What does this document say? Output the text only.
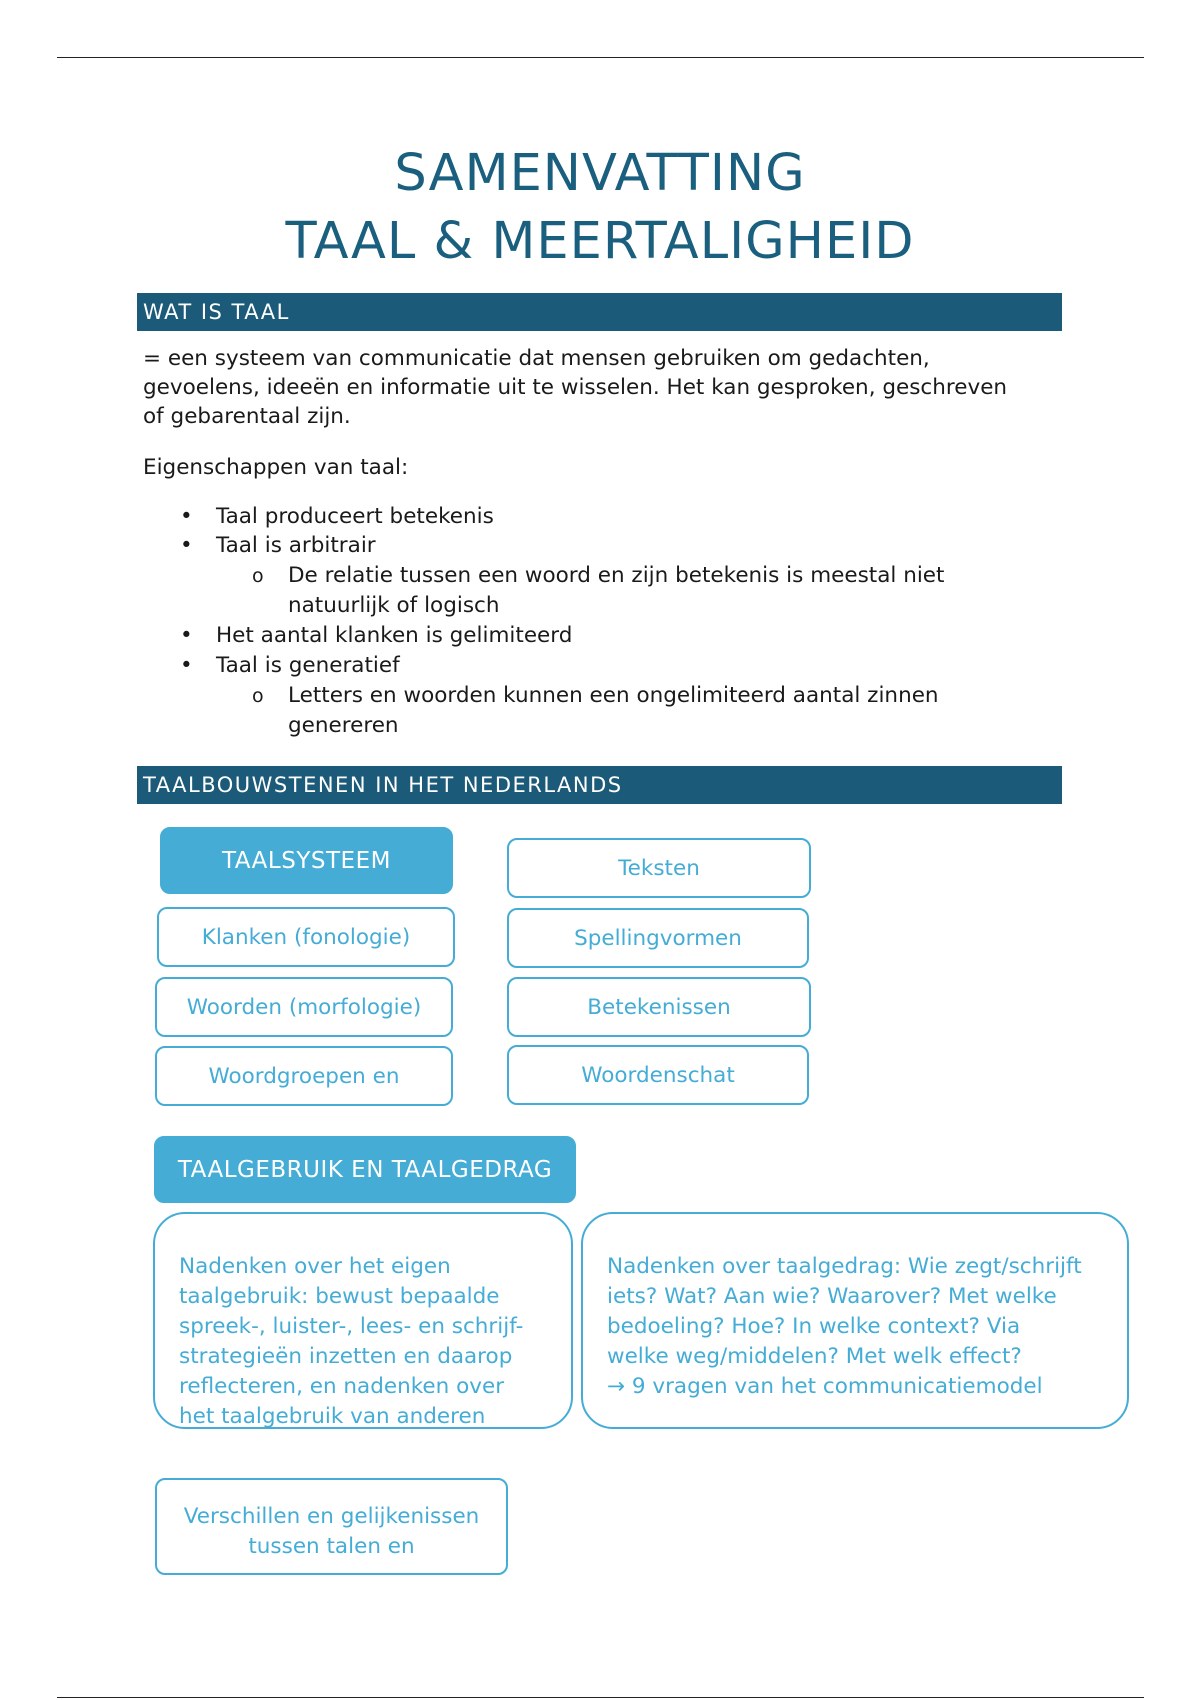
SAMENVATTING
TAAL & MEERTALIGHEID
WAT IS TAAL
= een systeem van communicatie dat mensen gebruiken om gedachten,
gevoelens, ideeën en informatie uit te wisselen. Het kan gesproken, geschreven
of gebarentaal zijn.
Eigenschappen van taal:
• Taal produceert betekenis
• Taal is arbitrair
o De relatie tussen een woord en zijn betekenis is meestal niet
natuurlijk of logisch
• Het aantal klanken is gelimiteerd
• Taal is generatief
o Letters en woorden kunnen een ongelimiteerd aantal zinnen
genereren
TAALBOUWSTENEN IN HET NEDERLANDS
TAALSYSTEEM
Klanken (fonologie)
Woorden (morfologie)
Woordgroepen en
Teksten
Spellingvormen
Betekenissen
Woordenschat
TAALGEBRUIK EN TAALGEDRAG
Nadenken over het eigen
taalgebruik: bewust bepaalde
spreek-, luister-, lees- en schrijf-
strategieën inzetten en daarop
reflecteren, en nadenken over
het taalgebruik van anderen
Nadenken over taalgedrag: Wie zegt/schrijft
iets? Wat? Aan wie? Waarover? Met welke
bedoeling? Hoe? In welke context? Via
welke weg/middelen? Met welk effect?
→ 9 vragen van het communicatiemodel
Verschillen en gelijkenissen
tussen talen en
